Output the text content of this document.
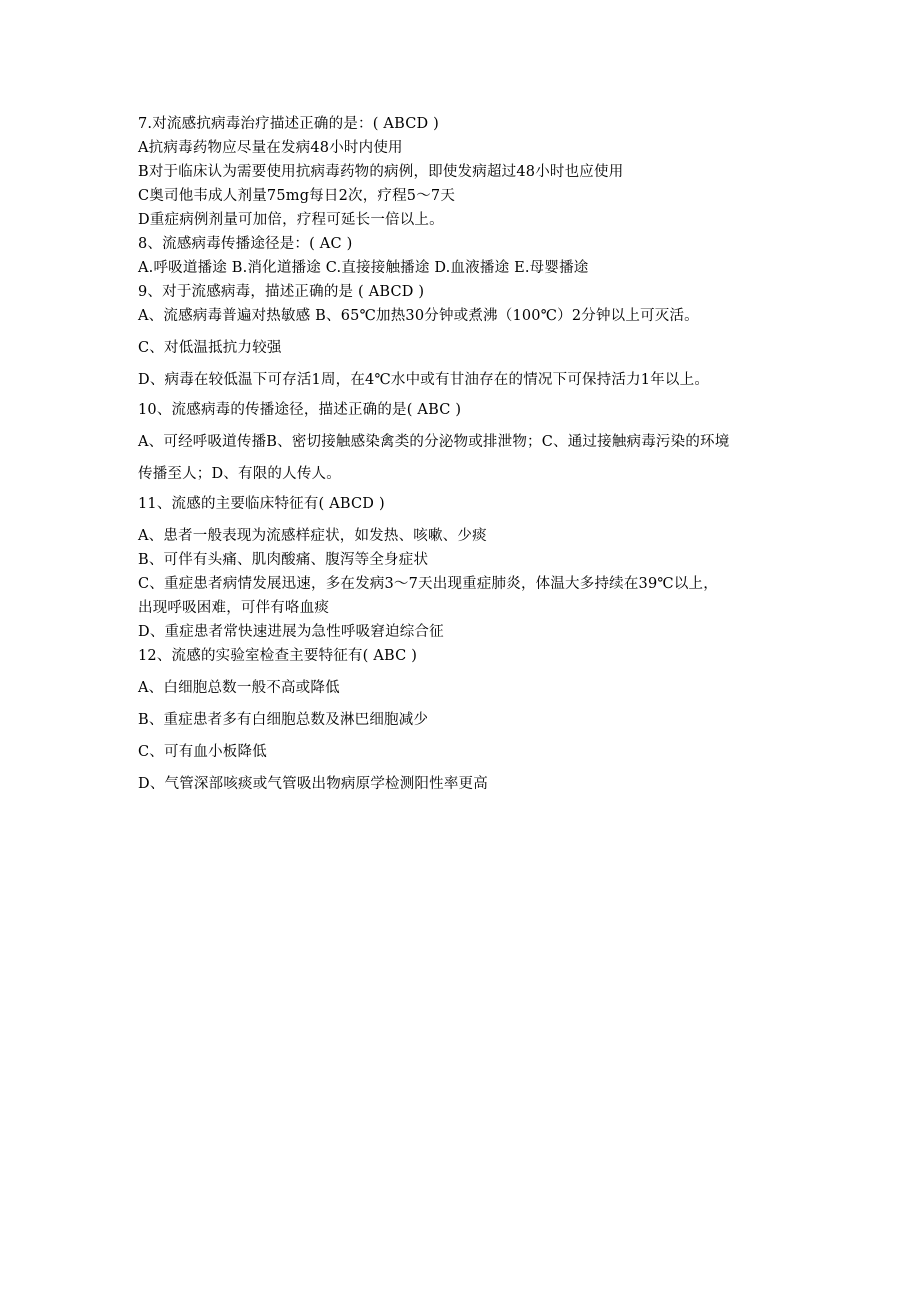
7.对流感抗病毒治疗描述正确的是：( ABCD )
A抗病毒药物应尽量在发病48小时内使用
B对于临床认为需要使用抗病毒药物的病例，即使发病超过48小时也应使用
C奥司他韦成人剂量75mg每日2次，疗程5～7天
D重症病例剂量可加倍，疗程可延长一倍以上。
8、流感病毒传播途径是：( AC )
A.呼吸道播途 B.消化道播途 C.直接接触播途 D.血液播途 E.母婴播途
9、对于流感病毒，描述正确的是 ( ABCD )
A、流感病毒普遍对热敏感 B、65℃加热30分钟或煮沸（100℃）2分钟以上可灭活。
C、对低温抵抗力较强
D、病毒在较低温下可存活1周，在4℃水中或有甘油存在的情况下可保持活力1年以上。
10、流感病毒的传播途径，描述正确的是( ABC )
A、可经呼吸道传播B、密切接触感染禽类的分泌物或排泄物；C、通过接触病毒污染的环境
传播至人；D、有限的人传人。
11、流感的主要临床特征有( ABCD )
A、患者一般表现为流感样症状，如发热、咳嗽、少痰
B、可伴有头痛、肌肉酸痛、腹泻等全身症状
C、重症患者病情发展迅速，多在发病3～7天出现重症肺炎，体温大多持续在39℃以上，
出现呼吸困难，可伴有咯血痰
D、重症患者常快速进展为急性呼吸窘迫综合征
12、流感的实验室检查主要特征有( ABC )
A、白细胞总数一般不高或降低
B、重症患者多有白细胞总数及淋巴细胞减少
C、可有血小板降低
D、气管深部咳痰或气管吸出物病原学检测阳性率更高
